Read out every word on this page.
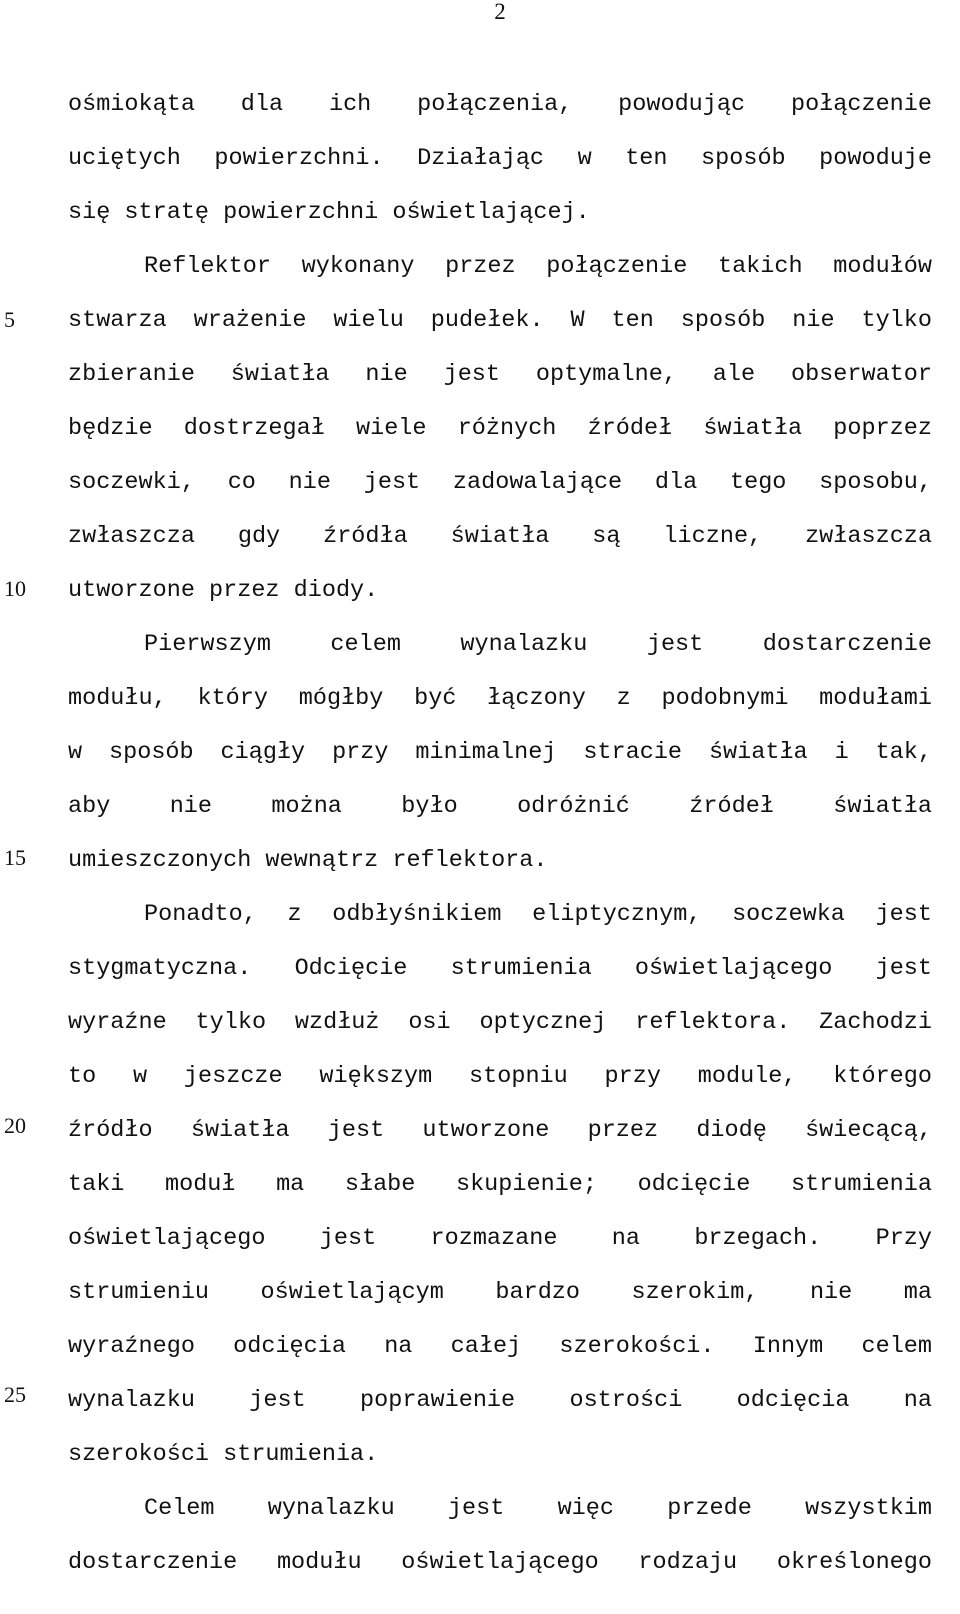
2
5
10
15
20
25
ośmiokąta dla ich połączenia, powodując połączenie
uciętych powierzchni. Działając w ten sposób powoduje
się stratę powierzchni oświetlającej.
Reflektor wykonany przez połączenie takich modułów
stwarza wrażenie wielu pudełek. W ten sposób nie tylko
zbieranie światła nie jest optymalne, ale obserwator
będzie dostrzegał wiele różnych źródeł światła poprzez
soczewki, co nie jest zadowalające dla tego sposobu,
zwłaszcza gdy źródła światła są liczne, zwłaszcza
utworzone przez diody.
Pierwszym celem wynalazku jest dostarczenie
modułu, który mógłby być łączony z podobnymi modułami
w sposób ciągły przy minimalnej stracie światła i tak,
aby nie można było odróżnić źródeł światła
umieszczonych wewnątrz reflektora.
Ponadto, z odbłyśnikiem eliptycznym, soczewka jest
stygmatyczna. Odcięcie strumienia oświetlającego jest
wyraźne tylko wzdłuż osi optycznej reflektora. Zachodzi
to w jeszcze większym stopniu przy module, którego
źródło światła jest utworzone przez diodę świecącą,
taki moduł ma słabe skupienie; odcięcie strumienia
oświetlającego jest rozmazane na brzegach. Przy
strumieniu oświetlającym bardzo szerokim, nie ma
wyraźnego odcięcia na całej szerokości. Innym celem
wynalazku jest poprawienie ostrości odcięcia na
szerokości strumienia.
Celem wynalazku jest więc przede wszystkim
dostarczenie modułu oświetlającego rodzaju określonego
